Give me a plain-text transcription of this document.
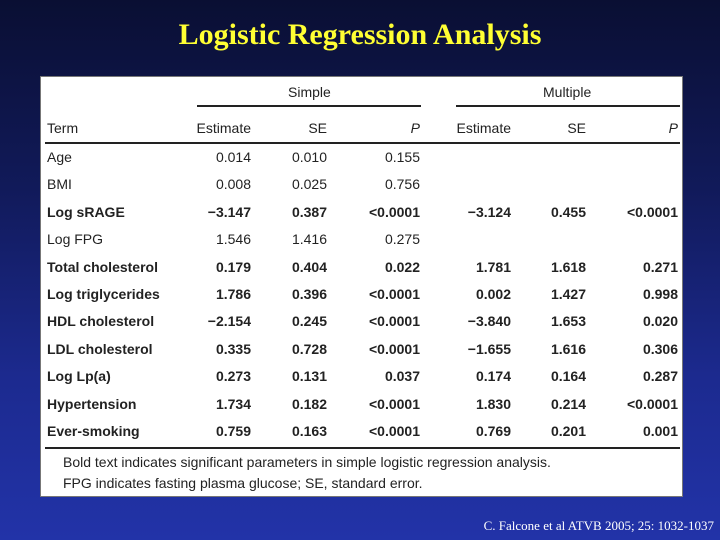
Logistic Regression Analysis
Simple	Multiple
Term	Estimate	SE	P	Estimate	SE	P
Age	0.014	0.010	0.155
BMI	0.008	0.025	0.756
Log sRAGE	−3.147	0.387	<0.0001	−3.124	0.455	<0.0001
Log FPG	1.546	1.416	0.275
Total cholesterol	0.179	0.404	0.022	1.781	1.618	0.271
Log triglycerides	1.786	0.396	<0.0001	0.002	1.427	0.998
HDL cholesterol	−2.154	0.245	<0.0001	−3.840	1.653	0.020
LDL cholesterol	0.335	0.728	<0.0001	−1.655	1.616	0.306
Log Lp(a)	0.273	0.131	0.037	0.174	0.164	0.287
Hypertension	1.734	0.182	<0.0001	1.830	0.214	<0.0001
Ever-smoking	0.759	0.163	<0.0001	0.769	0.201	0.001
Bold text indicates significant parameters in simple logistic regression analysis.
FPG indicates fasting plasma glucose; SE, standard error.
C. Falcone et al ATVB 2005; 25: 1032-1037
